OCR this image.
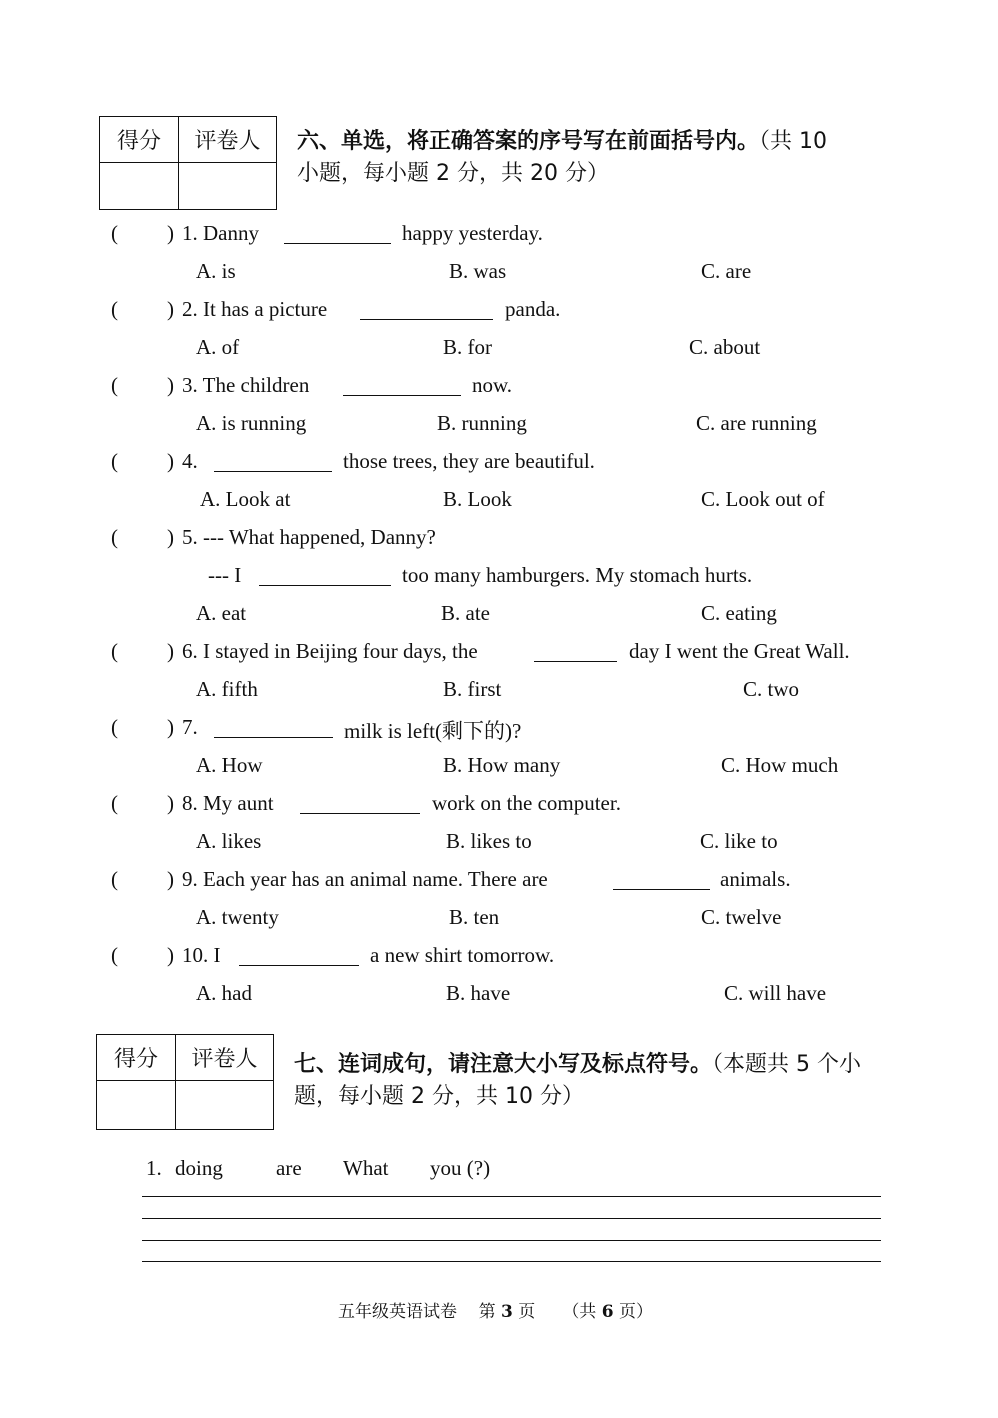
得分	评卷人
	六、单选，将正确答案的序号写在前面括号内。（共 10
小题，每小题 2 分，共 20 分）
( ) 1. Danny	happy yesterday.
A. is	B. was	C. are
( ) 2. It has a picture	panda.
A. of	B. for	C. about
( ) 3. The children	now.
A. is running	B. running	C. are running
( ) 4.	those trees, they are beautiful.
A. Look at	B. Look	C. Look out of
( ) 5. --- What happened, Danny?
--- I	too many hamburgers. My stomach hurts.
A. eat	B. ate	C. eating
( ) 6. I stayed in Beijing four days, the	day I went the Great Wall.
A. fifth	B. first	C. two
( ) 7.	milk is left(剩下的)?
A. How	B. How many	C. How much
( ) 8. My aunt	work on the computer.
A. likes	B. likes to	C. like to
( ) 9. Each year has an animal name. There are	animals.
A. twenty	B. ten	C. twelve
( ) 10. I	a new shirt tomorrow.
A. had	B. have	C. will have
得分	评卷人
	七、连词成句，请注意大小写及标点符号。（本题共 5 个小题，每小题 2 分，共 10 分）
1. doing	are What you (?)
五年级英语试卷 第 3 页 （共 6 页）
